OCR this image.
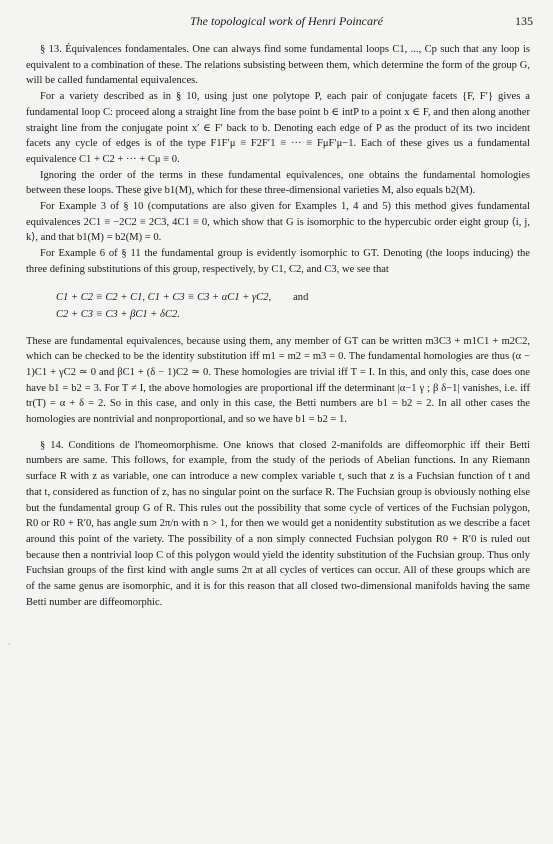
The topological work of Henri Poincaré	135

§ 13. Équivalences fondamentales. One can always find some fundamental loops C1, ..., Cp such that any loop is equivalent to a combination of these. The relations subsisting between them, which determine the form of the group G, will be called fundamental equivalences.

For a variety described as in § 10, using just one polytope P, each pair of conjugate facets {F, F′} gives a fundamental loop C: proceed along a straight line from the base point b ∈ intP to a point x ∈ F, and then along another straight line from the conjugate point x′ ∈ F′ back to b. Denoting each edge of P as the product of its two incident facets any cycle of edges is of the type F1F′μ ≡ F2F′1 ≡ ··· ≡ FμF′μ−1. Each of these gives us a fundamental equivalence C1 + C2 + ··· + Cμ ≡ 0.

Ignoring the order of the terms in these fundamental equivalences, one obtains the fundamental homologies between these loops. These give b1(M), which for these three-dimensional varieties M, also equals b2(M).

For Example 3 of § 10 (computations are also given for Examples 1, 4 and 5) this method gives fundamental equivalences 2C1 ≡ −2C2 ≡ 2C3, 4C1 ≡ 0, which show that G is isomorphic to the hypercubic order eight group ⟨i, j, k⟩, and that b1(M) = b2(M) = 0.

For Example 6 of § 11 the fundamental group is evidently isomorphic to GT. Denoting (the loops inducing) the three defining substitutions of this group, respectively, by C1, C2, and C3, we see that

C1 + C2 ≡ C2 + C1, C1 + C3 ≡ C3 + αC1 + γC2, and
C2 + C3 ≡ C3 + βC1 + δC2.

These are fundamental equivalences, because using them, any member of GT can be written m3C3 + m1C1 + m2C2, which can be checked to be the identity substitution iff m1 = m2 = m3 = 0. The fundamental homologies are thus (α − 1)C1 + γC2 ≃ 0 and βC1 + (δ − 1)C2 ≃ 0. These homologies are trivial iff T = I. In this, and only this, case does one have b1 = b2 = 3. For T ≠ I, the above homologies are proportional iff the determinant |α−1 γ ; β δ−1| vanishes, i.e. iff tr(T) = α + δ = 2. So in this case, and only in this case, the Betti numbers are b1 = b2 = 2. In all other cases the homologies are nontrivial and nonproportional, and so we have b1 = b2 = 1.

§ 14. Conditions de l'homeomorphisme. One knows that closed 2-manifolds are diffeomorphic iff their Betti numbers are same. This follows, for example, from the study of the periods of Abelian functions. In any Riemann surface R with z as variable, one can introduce a new complex variable t, such that z is a Fuchsian function of t and that t, considered as function of z, has no singular point on the surface R. The Fuchsian group is obviously nothing else but the fundamental group G of R. This rules out the possibility that some cycle of vertices of the Fuchsian polygon, R0 or R0 + R′0, has angle sum 2π/n with n > 1, for then we would get a nonidentity substitution as we describe a facet around this point of the variety. The possibility of a non simply connected Fuchsian polygon R0 + R′0 is ruled out because then a nontrivial loop C of this polygon would yield the identity substitution of the Fuchsian group. Thus only Fuchsian groups of the first kind with angle sums 2π at all cycles of vertices can occur. All of these groups which are of the same genus are isomorphic, and it is for this reason that all closed two-dimensional manifolds having the same Betti number are diffeomorphic.

·
